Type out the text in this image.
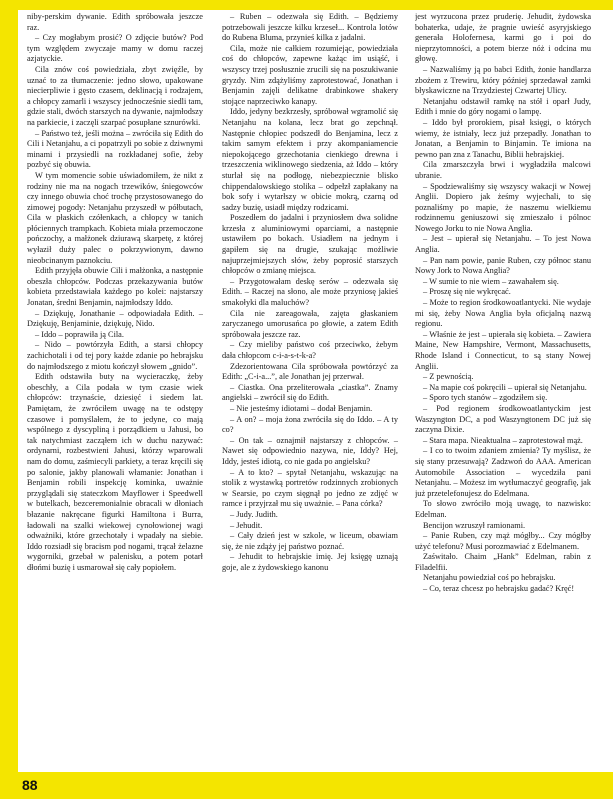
88

niby-perskim dywanie. Edith spróbowała jeszcze raz.

– Czy mogłabym prosić? O zdjęcie butów? Pod tym względem zwyczaje mamy w domu raczej azjatyckie.

Cila znów coś powiedziała, zbyt zwięźle, by uznać to za tłumaczenie: jedno słowo, upakowane niecierpliwie i gęsto czasem, deklinacją i rodzajem, a chłopcy zamarli i wszyscy jednocześnie siedli tam, gdzie stali, dwóch starszych na dywanie, najmłodszy na parkiecie, i zaczęli szarpać posupłane sznurówki.

– Państwo też, jeśli można – zwróciła się Edith do Cili i Netanjahu, a ci popatrzyli po sobie z dziwnymi minami i przysiedli na rozkładanej sofie, żeby pozbyć się obuwia.

W tym momencie sobie uświadomiłem, że nikt z rodziny nie ma na nogach trzewików, śniegowców czy innego obuwia choć trochę przystosowanego do zimowej pogody: Netanjahu przyszedł w półbutach, Cila w płaskich czółenkach, a chłopcy w tanich płóciennych trampkach. Kobieta miała przemoczone pończochy, a małżonek dziurawą skarpetę, z której wyłaził duży palec o pokrzywionym, dawno nieobcinanym paznokciu.

Edith przyjęła obuwie Cili i małżonka, a następnie obeszła chłopców. Podczas przekazywania butów kobieta przedstawiała każdego po kolei: najstarszy Jonatan, średni Benjamin, najmłodszy Iddo.

– Dziękuję, Jonathanie – odpowiadała Edith. – Dziękuję, Benjaminie, dziękuję, Nido.

– Iddo – poprawiła ją Cila.

– Nido – powtórzyła Edith, a starsi chłopcy zachichotali i od tej pory każde zdanie po hebrajsku do najmłodszego z miotu kończył słowem „gnido”.

Edith odstawiła buty na wycieraczkę, żeby obeschły, a Cila podała w tym czasie wiek chłopców: trzynaście, dziesięć i siedem lat. Pamiętam, że zwróciłem uwagę na te odstępy czasowe i pomyślałem, że to jedyne, co mają wspólnego z dyscypliną i porządkiem u Jahusi, bo tak natychmiast zacząłem ich w duchu nazywać: ordynarni, rozbestwieni Jahusi, którzy wparowali nam do domu, zaśmiecyli parkiety, a teraz kręcili się po salonie, jakby planowali włamanie: Jonathan i Benjamin robili inspekcję kominka, uważnie przyglądali się stateczkom Mayflower i Speedwell w butelkach, bezceremonialnie obracali w dłoniach błazanie nakręcane figurki Hamiltona i Burra, ładowali na szalki wiekowej cynołowionej wagi odważniki, które grzechotały i wpadały na siebie. Iddo rozsiadł się bracism pod nogami, trącał żelazne wygorniki, grzebał w palenisku, a potem potarł dłońmi buzię i usmarował się cały popiołem.

– Ruben – odezwała się Edith. – Będziemy potrzebowali jeszcze kilku krzeseł... Kontrola lotów do Rubena Bluma, przynieś kilka z jadalni.

Cila, może nie całkiem rozumiejąc, powiedziała coś do chłopców, zapewne każąc im usiąść, i wszyscy trzej posłusznie zrucili się na poszukiwanie gryzdy. Nim zdążyliśmy zaprotestować, Jonathan i Benjamin zajęli delikatne drabinkowe shakery stojące naprzeciwko kanapy.

Iddo, jedyny bezkrzesły, spróbował wgramolić się Netanjahu na kolana, lecz brat go zepchnął. Następnie chłopiec podszedł do Benjamina, lecz z takim samym efektem i przy akompaniamencie niepokojącego grzechotania cienkiego drewna i trzeszczenia wiklinowego siedzenia, aż Iddo – który sturlał się na podłogę, niebezpiecznie blisko chippendalowskiego stolika – odpełzł zapłakany na bok sofy i wytarłszy w obicie mokrą, czarną od sadzy buzię, usiadł między rodzicami.

Poszedłem do jadalni i przyniosłem dwa solidne krzesła z aluminiowymi oparciami, a następnie ustawiłem po bokach. Usiadłem na jednym i gapiłem się na drugie, szukając możliwie najuprzejmiejszych słów, żeby poprosić starszych chłopców o zmianę miejsca.

– Przygotowałam deskę serów – odezwała się Edith. – Raczej na słono, ale może przyniosę jakieś smakołyki dla maluchów?

Cila nie zareagowała, zajęta głaskaniem zaryczanego umorusańca po głowie, a zatem Edith spróbowała jeszcze raz.

– Czy mieliby państwo coś przeciwko, żebym dała chłopcom c-i-a-s-t-k-a?

Zdezorientowana Cila spróbowała powtórzyć za Edith: „C-i-a...”, ale Jonathan jej przerwał.

– Ciastka. Ona przeliterowała „ciastka”. Znamy angielski – zwrócił się do Edith.

– Nie jesteśmy idiotami – dodał Benjamin.

– A on? – moja żona zwróciła się do Iddo. – A ty co?

– On tak – oznajmił najstarszy z chłopców. – Nawet się odpowiednio nazywa, nie, Iddy? Hej, Iddy, jesteś idiotą, co nie gada po angielsku?

– A to kto? – spytał Netanjahu, wskazując na stolik z wystawką portretów rodzinnych zrobionych w Searsie, po czym sięgnął po jedno ze zdjęć w ramce i przyjrzał mu się uważnie. – Pana córka?

– Judy. Judith.

– Jehudit.

– Cały dzień jest w szkole, w liceum, obawiam się, że nie zdąży jej państwo poznać.

– Jehudit to hebrajskie imię. Jej księgę uznają goje, ale z żydowskiego kanonu

jest wyrzucona przez pruderię. Jehudit, żydowska bohaterka, udaje, że pragnie uwieść asyryjskiego generała Holofernesa, karmi go i poi do nieprzytomności, a potem bierze nóż i odcina mu głowę.

– Nazwaliśmy ją po babci Edith, żonie handlarza zbożem z Trewiru, który później sprzedawał zamki błyskawiczne na Trzydziestej Czwartej Ulicy.

Netanjahu odstawił ramkę na stół i oparł Judy, Edith i mnie do góry nogami o lampę.

– Iddo był prorokiem, pisał księgi, o których wiemy, że istniały, lecz już przepadły. Jonathan to Jonatan, a Benjamin to Binjamin. Te imiona na pewno pan zna z Tanachu, Biblii hebrajskiej.

Cila zmarszczyła brwi i wygładziła malcowi ubranie.

– Spodziewaliśmy się wszyscy wakacji w Nowej Anglii. Dopiero jak żeśmy wyjechali, to się poznaliśmy po mapie, że naszemu wielkiemu rodzinnemu geniuszowi się zmieszało i pólnoc Nowego Jorku to nie Nowa Anglia.

– Jest – upierał się Netanjahu. – To jest Nowa Anglia.

– Pan nam powie, panie Ruben, czy północ stanu Nowy Jork to Nowa Anglia?

– W sumie to nie wiem – zawahałem się.

– Proszę się nie wykręcać.

– Może to region środkowoatlantycki. Nie wydaje mi się, żeby Nowa Anglia była oficjalną nazwą regionu.

– Właśnie że jest – upierała się kobieta. – Zawiera Maine, New Hampshire, Vermont, Massachusetts, Rhode Island i Connecticut, to są stany Nowej Anglii.

– Z pewnością.

– Na mapie coś pokręcili – upierał się Netanjahu.

– Sporo tych stanów – zgodziłem się.

– Pod regionem środkowoatlantyckim jest Waszyngton DC, a pod Waszyngtonem DC już się zaczyna Dixie.

– Stara mapa. Nieaktualna – zaprotestował mąż.

– I co to twoim zdaniem zmienia? Ty myślisz, że się stany przesuwają? Zadzwoń do AAA. American Automobile Association – wycedziła pani Netanjahu. – Możesz im wytłumaczyć geografię, jak już przetelefonujesz do Edelmana.

To słowo zwróciło moją uwagę, to nazwisko: Edelman.

Bencijon wzruszył ramionami.

– Panie Ruben, czy mąż mógłby... Czy mógłby użyć telefonu? Musi porozmawiać z Edelmanem.

Zaświtało. Chaim „Hank” Edelman, rabin z Filadelfii.

Netanjahu powiedział coś po hebrajsku.

– Co, teraz chcesz po hebrajsku gadać? Kręć!
